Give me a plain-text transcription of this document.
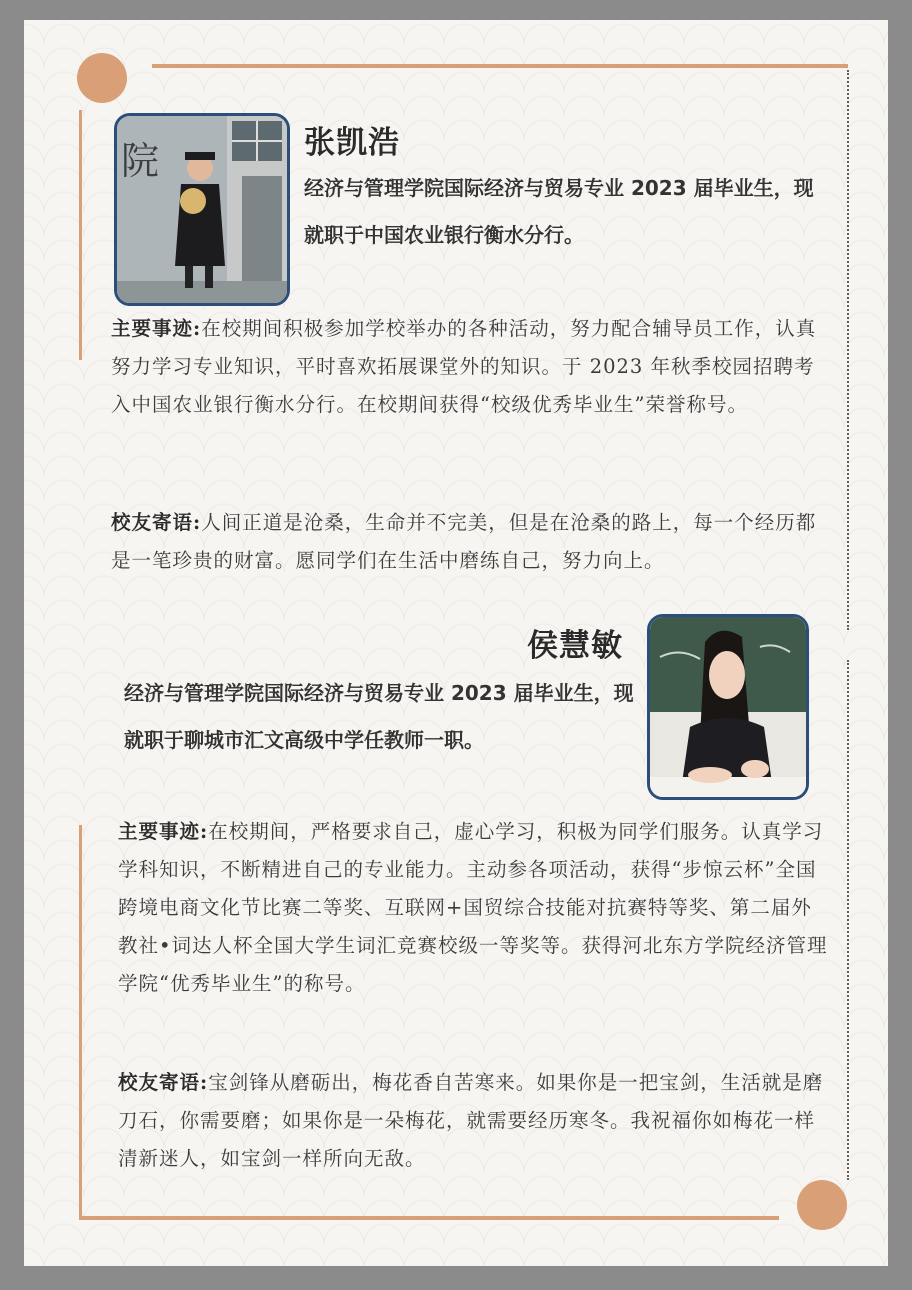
院	张凯浩
经济与管理学院国际经济与贸易专业 2023 届毕业生，现就职于中国农业银行衡水分行。
主要事迹:在校期间积极参加学校举办的各种活动，努力配合辅导员工作，认真努力学习专业知识，平时喜欢拓展课堂外的知识。于 2023 年秋季校园招聘考入中国农业银行衡水分行。在校期间获得“校级优秀毕业生”荣誉称号。
校友寄语:人间正道是沧桑，生命并不完美，但是在沧桑的路上，每一个经历都是一笔珍贵的财富。愿同学们在生活中磨练自己，努力向上。
侯慧敏
经济与管理学院国际经济与贸易专业 2023 届毕业生，现就职于聊城市汇文高级中学任教师一职。
主要事迹:在校期间，严格要求自己，虚心学习，积极为同学们服务。认真学习学科知识，不断精进自己的专业能力。主动参各项活动，获得“步惊云杯”全国跨境电商文化节比赛二等奖、互联网+国贸综合技能对抗赛特等奖、第二届外教社•词达人杯全国大学生词汇竞赛校级一等奖等。获得河北东方学院经济管理学院“优秀毕业生”的称号。
校友寄语:宝剑锋从磨砺出，梅花香自苦寒来。如果你是一把宝剑，生活就是磨刀石，你需要磨；如果你是一朵梅花，就需要经历寒冬。我祝福你如梅花一样清新迷人，如宝剑一样所向无敌。
